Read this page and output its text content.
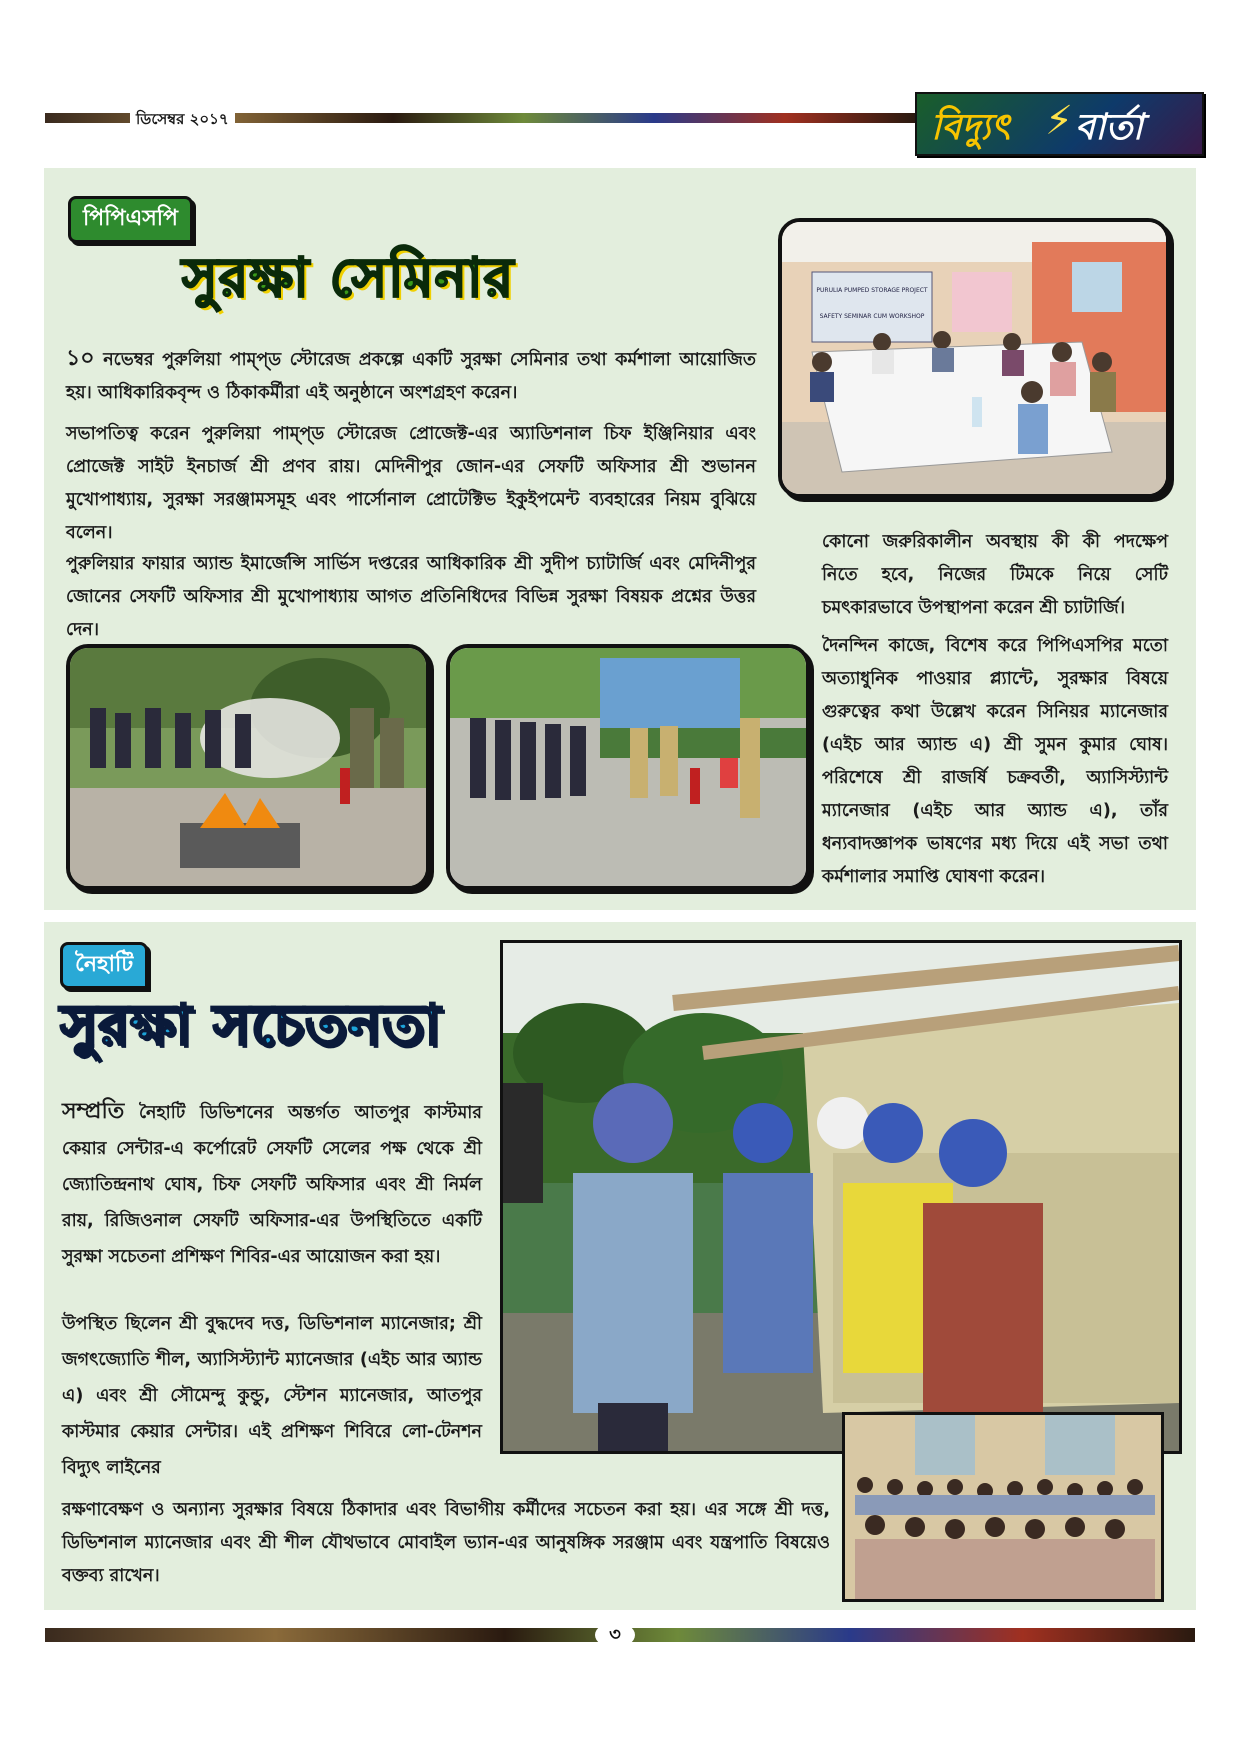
ডিসেম্বর ২০১৭	বিদ্যুৎ ⚡ বার্তা
পিপিএসপি
সুরক্ষা সেমিনার
১০ নভেম্বর পুরুলিয়া পাম্প্‌ড স্টোরেজ প্রকল্পে একটি সুরক্ষা সেমিনার তথা কর্মশালা আয়োজিত হয়। আধিকারিকবৃন্দ ও ঠিকাকর্মীরা এই অনুষ্ঠানে অংশগ্রহণ করেন।
সভাপতিত্ব করেন পুরুলিয়া পাম্প্‌ড স্টোরেজ প্রোজেক্ট-এর অ্যাডিশনাল চিফ ইঞ্জিনিয়ার এবং প্রোজেক্ট সাইট ইনচার্জ শ্রী প্রণব রায়। মেদিনীপুর জোন-এর সেফটি অফিসার শ্রী শুভানন মুখোপাধ্যায়, সুরক্ষা সরঞ্জামসমূহ এবং পার্সোনাল প্রোটেক্টিভ ইকুইপমেন্ট ব্যবহারের নিয়ম বুঝিয়ে বলেন।
পুরুলিয়ার ফায়ার অ্যান্ড ইমার্জেন্সি সার্ভিস দপ্তরের আধিকারিক শ্রী সুদীপ চ্যাটার্জি এবং মেদিনীপুর জোনের সেফটি অফিসার শ্রী মুখোপাধ্যায় আগত প্রতিনিধিদের বিভিন্ন সুরক্ষা বিষয়ক প্রশ্নের উত্তর দেন।
PURULIA PUMPED STORAGE PROJECT
SAFETY SEMINAR CUM WORKSHOP
কোনো জরুরিকালীন অবস্থায় কী কী পদক্ষেপ নিতে হবে, নিজের টিমকে নিয়ে সেটি চমৎকারভাবে উপস্থাপনা করেন শ্রী চ্যাটার্জি।
দৈনন্দিন কাজে, বিশেষ করে পিপিএসপির মতো অত্যাধুনিক পাওয়ার প্ল্যান্টে, সুরক্ষার বিষয়ে গুরুত্বের কথা উল্লেখ করেন সিনিয়র ম্যানেজার (এইচ আর অ্যান্ড এ) শ্রী সুমন কুমার ঘোষ। পরিশেষে শ্রী রাজর্ষি চক্রবর্তী, অ্যাসিস্ট্যান্ট ম্যানেজার (এইচ আর অ্যান্ড এ), তাঁর ধন্যবাদজ্ঞাপক ভাষণের মধ্য দিয়ে এই সভা তথা কর্মশালার সমাপ্তি ঘোষণা করেন।
নৈহাটি
সুরক্ষা সচেতনতা
সম্প্রতি নৈহাটি ডিভিশনের অন্তর্গত আতপুর কাস্টমার কেয়ার সেন্টার-এ কর্পোরেট সেফটি সেলের পক্ষ থেকে শ্রী জ্যোতিন্দ্রনাথ ঘোষ, চিফ সেফটি অফিসার এবং শ্রী নির্মল রায়, রিজিওনাল সেফটি অফিসার-এর উপস্থিতিতে একটি সুরক্ষা সচেতনা প্রশিক্ষণ শিবির-এর আয়োজন করা হয়।
উপস্থিত ছিলেন শ্রী বুদ্ধদেব দত্ত, ডিভিশনাল ম্যানেজার; শ্রী জগৎজ্যোতি শীল, অ্যাসিস্ট্যান্ট ম্যানেজার (এইচ আর অ্যান্ড এ) এবং শ্রী সৌমেন্দু কুন্ডু, স্টেশন ম্যানেজার, আতপুর কাস্টমার কেয়ার সেন্টার। এই প্রশিক্ষণ শিবিরে লো-টেনশন বিদ্যুৎ লাইনের
রক্ষণাবেক্ষণ ও অন্যান্য সুরক্ষার বিষয়ে ঠিকাদার এবং বিভাগীয় কর্মীদের সচেতন করা হয়। এর সঙ্গে শ্রী দত্ত, ডিভিশনাল ম্যানেজার এবং শ্রী শীল যৌথভাবে মোবাইল ভ্যান-এর আনুষঙ্গিক সরঞ্জাম এবং যন্ত্রপাতি বিষয়েও বক্তব্য রাখেন।
৩
